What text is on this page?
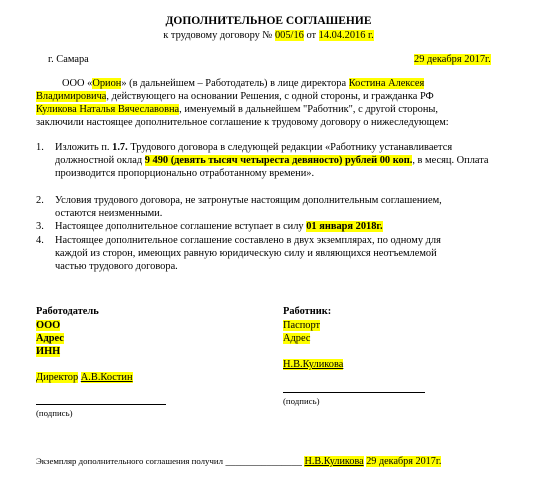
ДОПОЛНИТЕЛЬНОЕ СОГЛАШЕНИЕ
к трудовому договору № 005/16 от 14.04.2016 г.
г. Самара	29 декабря 2017г.
ООО «Орион» (в дальнейшем – Работодатель) в лице директора Костина Алексея
Владимировича, действующего на основании Решения, с одной стороны, и гражданка РФ
Куликова Наталья Вячеславовна, именуемый в дальнейшем "Работник", с другой стороны,
заключили настоящее дополнительное соглашение к трудовому договору о нижеследующем:
1. Изложить п. 1.7. Трудового договора в следующей редакции «Работнику устанавливается
должностной оклад 9 490 (девять тысяч четыреста девяносто) рублей 00 коп., в месяц. Оплата
производится пропорционально отработанному времени».
2. Условия трудового договора, не затронутые настоящим дополнительным соглашением,
остаются неизменными.
3. Настоящее дополнительное соглашение вступает в силу 01 января 2018г.
4. Настоящее дополнительное соглашение составлено в двух экземплярах, по одному для
каждой из сторон, имеющих равную юридическую силу и являющихся неотъемлемой
частью трудового договора.
Работодатель
ООО
Адрес
ИНН
Директор А.В.Костин
(подпись)
Работник:
Паспорт
Адрес
Н.В.Куликова
(подпись)
Экземпляр дополнительного соглашения получил _______________ Н.В.Куликова 29 декабря 2017г.
